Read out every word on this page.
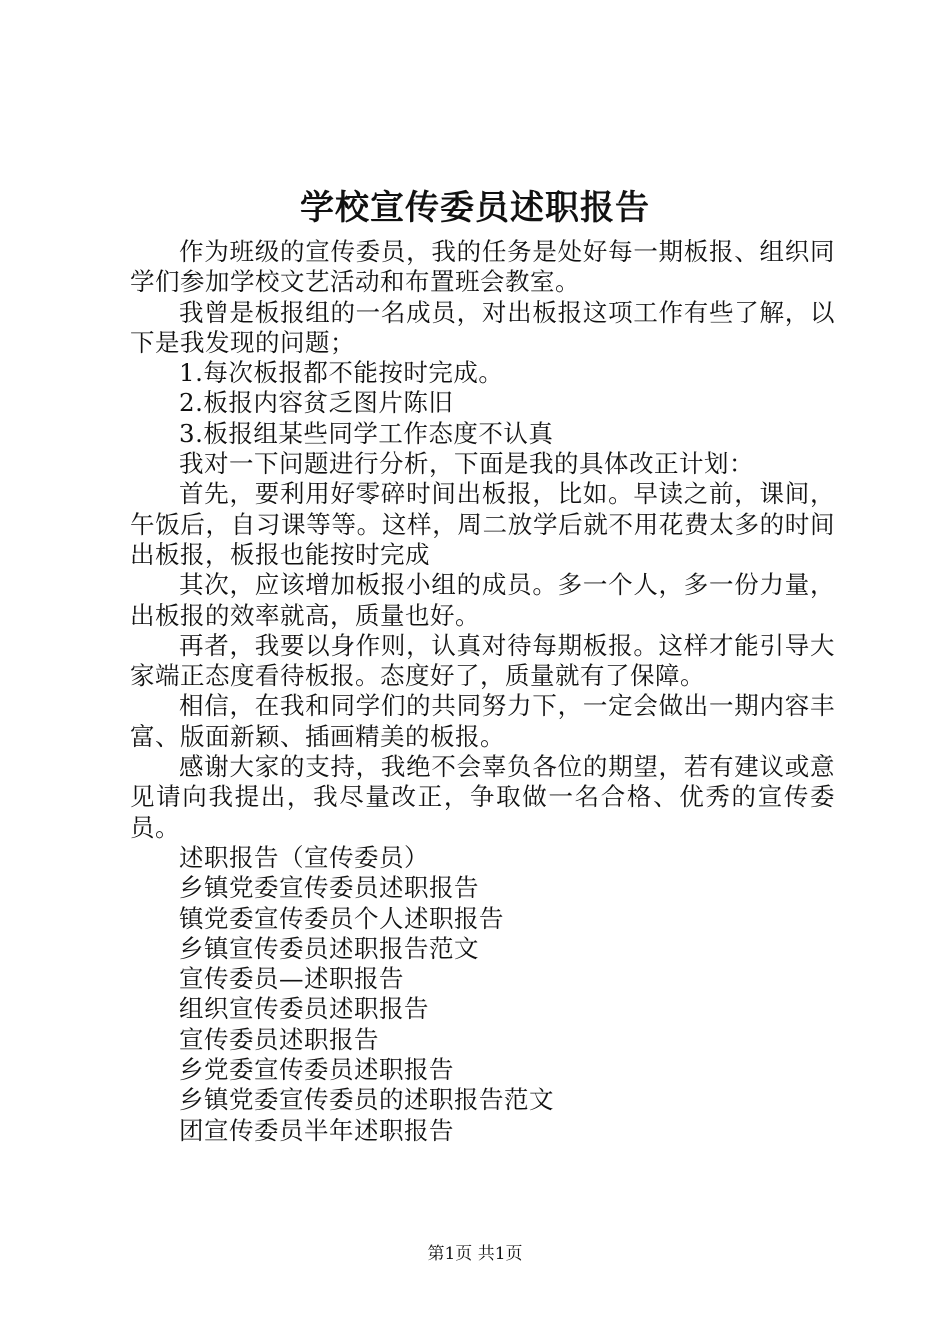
学校宣传委员述职报告

作为班级的宣传委员，我的任务是处好每一期板报、组织同学们参加学校文艺活动和布置班会教室。

我曾是板报组的一名成员，对出板报这项工作有些了解，以下是我发现的问题；

1.每次板报都不能按时完成。

2.板报内容贫乏图片陈旧

3.板报组某些同学工作态度不认真

我对一下问题进行分析，下面是我的具体改正计划：

首先，要利用好零碎时间出板报，比如。早读之前，课间，午饭后，自习课等等。这样，周二放学后就不用花费太多的时间出板报，板报也能按时完成

其次，应该增加板报小组的成员。多一个人，多一份力量，出板报的效率就高，质量也好。

再者，我要以身作则，认真对待每期板报。这样才能引导大家端正态度看待板报。态度好了，质量就有了保障。

相信，在我和同学们的共同努力下，一定会做出一期内容丰富、版面新颖、插画精美的板报。

感谢大家的支持，我绝不会辜负各位的期望，若有建议或意见请向我提出，我尽量改正，争取做一名合格、优秀的宣传委员。

述职报告（宣传委员）

乡镇党委宣传委员述职报告

镇党委宣传委员个人述职报告

乡镇宣传委员述职报告范文

宣传委员—述职报告

组织宣传委员述职报告

宣传委员述职报告

乡党委宣传委员述职报告

乡镇党委宣传委员的述职报告范文

团宣传委员半年述职报告

第1页 共1页
